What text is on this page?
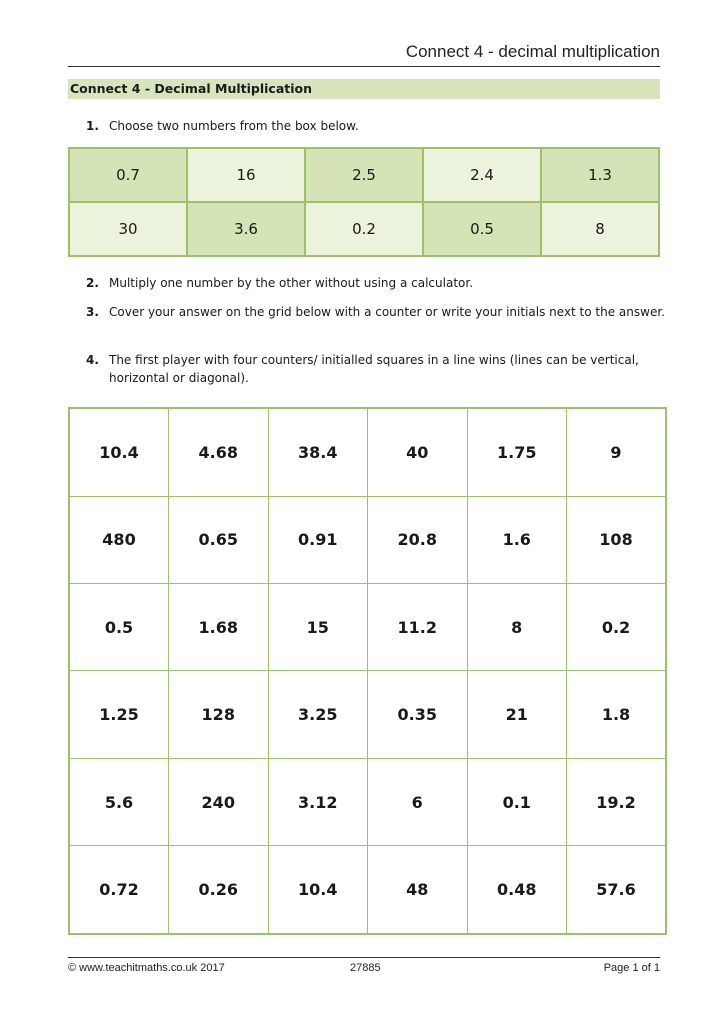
Connect 4 - decimal multiplication
Connect 4 - Decimal Multiplication
1. Choose two numbers from the box below.
0.7	16	2.5	2.4	1.3
30	3.6	0.2	0.5	8
2. Multiply one number by the other without using a calculator.
3. Cover your answer on the grid below with a counter or write your initials next to the answer.
4. The first player with four counters/ initialled squares in a line wins (lines can be vertical, horizontal or diagonal).
10.4	4.68	38.4	40	1.75	9
480	0.65	0.91	20.8	1.6	108
0.5	1.68	15	11.2	8	0.2
1.25	128	3.25	0.35	21	1.8
5.6	240	3.12	6	0.1	19.2
0.72	0.26	10.4	48	0.48	57.6
© www.teachitmaths.co.uk 2017	27885	Page 1 of 1
